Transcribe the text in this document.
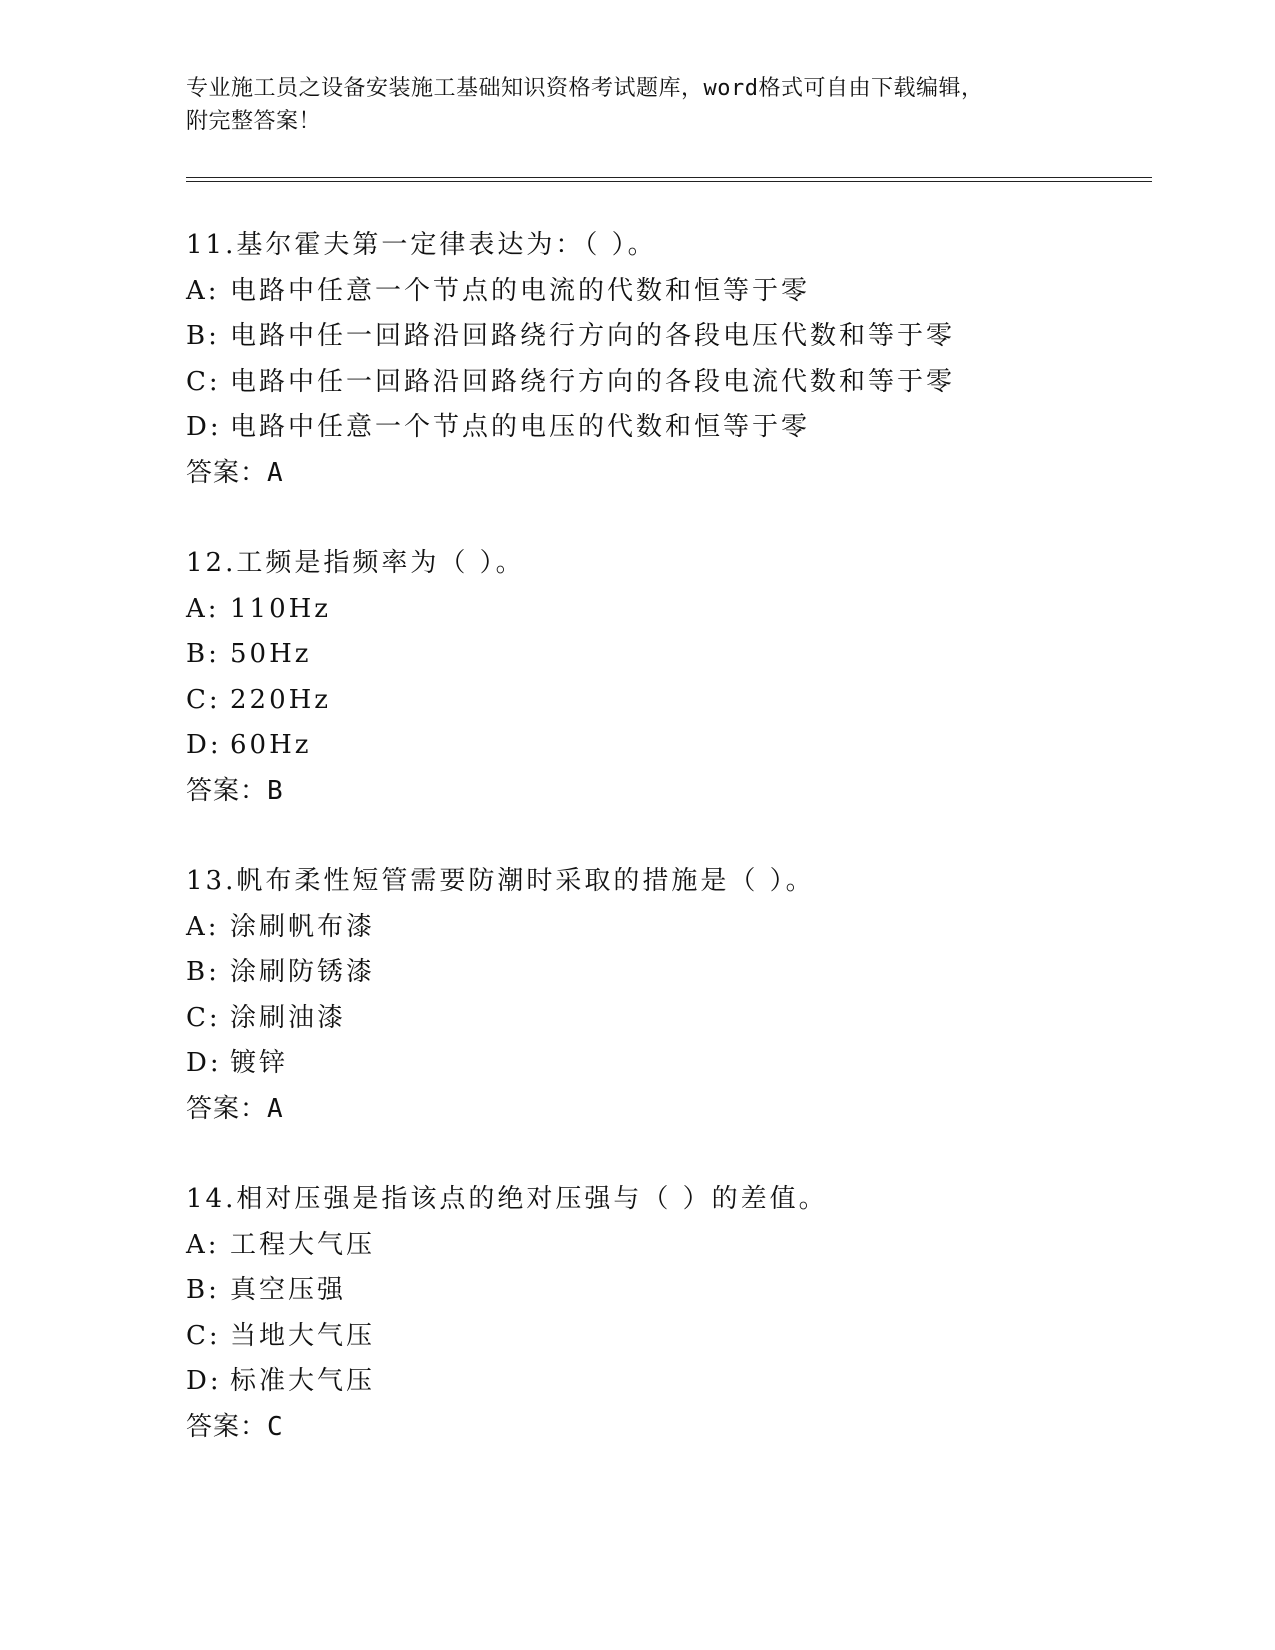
专业施工员之设备安装施工基础知识资格考试题库，word格式可自由下载编辑，
附完整答案！
11.基尔霍夫第一定律表达为：（ ）。
A: 电路中任意一个节点的电流的代数和恒等于零
B: 电路中任一回路沿回路绕行方向的各段电压代数和等于零
C: 电路中任一回路沿回路绕行方向的各段电流代数和等于零
D: 电路中任意一个节点的电压的代数和恒等于零
答案：A
12.工频是指频率为（ ）。
A: 110Hz
B: 50Hz
C: 220Hz
D: 60Hz
答案：B
13.帆布柔性短管需要防潮时采取的措施是（ ）。
A: 涂刷帆布漆
B: 涂刷防锈漆
C: 涂刷油漆
D: 镀锌
答案：A
14.相对压强是指该点的绝对压强与（ ）的差值。
A: 工程大气压
B: 真空压强
C: 当地大气压
D: 标准大气压
答案：C
